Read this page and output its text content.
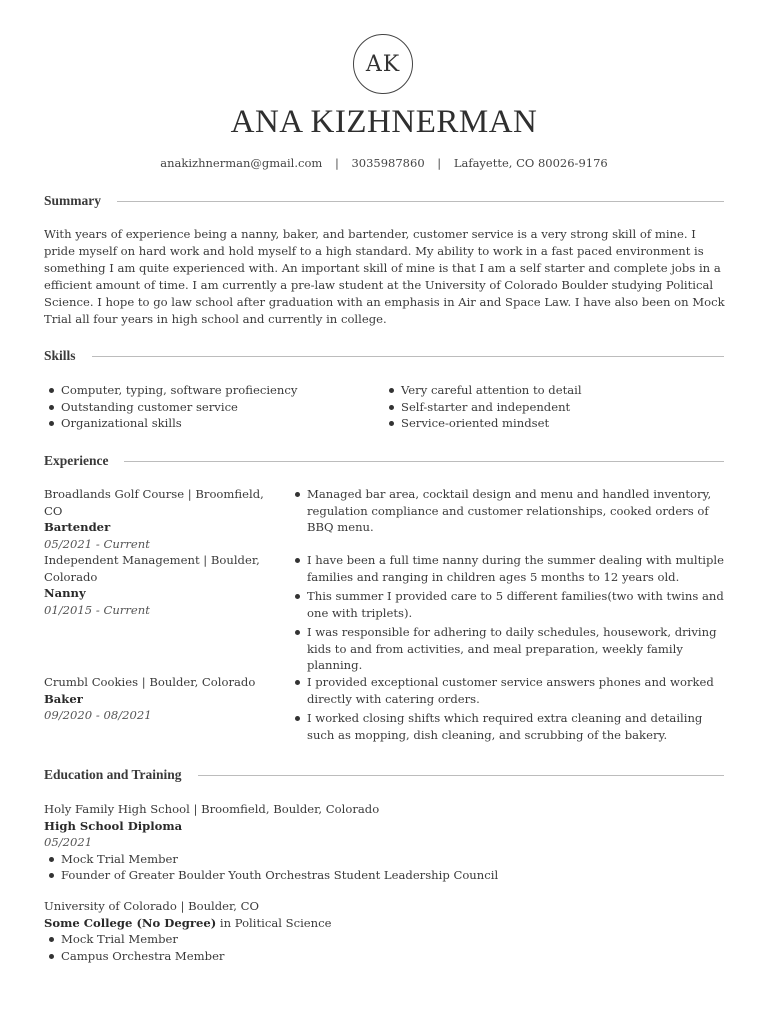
AK
ANA KIZHNERMAN
anakizhnerman@gmail.com | 3035987860 | Lafayette, CO 80026-9176
Summary
With years of experience being a nanny, baker, and bartender, customer service is a very strong skill of mine. I pride myself on hard work and hold myself to a high standard. My ability to work in a fast paced environment is something I am quite experienced with. An important skill of mine is that I am a self starter and complete jobs in a efficient amount of time. I am currently a pre-law student at the University of Colorado Boulder studying Political Science. I hope to go law school after graduation with an emphasis in Air and Space Law. I have also been on Mock Trial all four years in high school and currently in college.
Skills
Computer, typing, software profieciency
Outstanding customer service
Organizational skills
Very careful attention to detail
Self-starter and independent
Service-oriented mindset
Experience
Broadlands Golf Course | Broomfield, CO
Bartender
05/2021 - Current
Managed bar area, cocktail design and menu and handled inventory, regulation compliance and customer relationships, cooked orders of BBQ menu.
Independent Management | Boulder, Colorado
Nanny
01/2015 - Current
I have been a full time nanny during the summer dealing with multiple families and ranging in children ages 5 months to 12 years old.
This summer I provided care to 5 different families(two with twins and one with triplets).
I was responsible for adhering to daily schedules, housework, driving kids to and from activities, and meal preparation, weekly family planning.
Crumbl Cookies | Boulder, Colorado
Baker
09/2020 - 08/2021
I provided exceptional customer service answers phones and worked directly with catering orders.
I worked closing shifts which required extra cleaning and detailing such as mopping, dish cleaning, and scrubbing of the bakery.
Education and Training
Holy Family High School | Broomfield, Boulder, Colorado
High School Diploma
05/2021
Mock Trial Member
Founder of Greater Boulder Youth Orchestras Student Leadership Council
University of Colorado | Boulder, CO
Some College (No Degree) in Political Science
Mock Trial Member
Campus Orchestra Member
